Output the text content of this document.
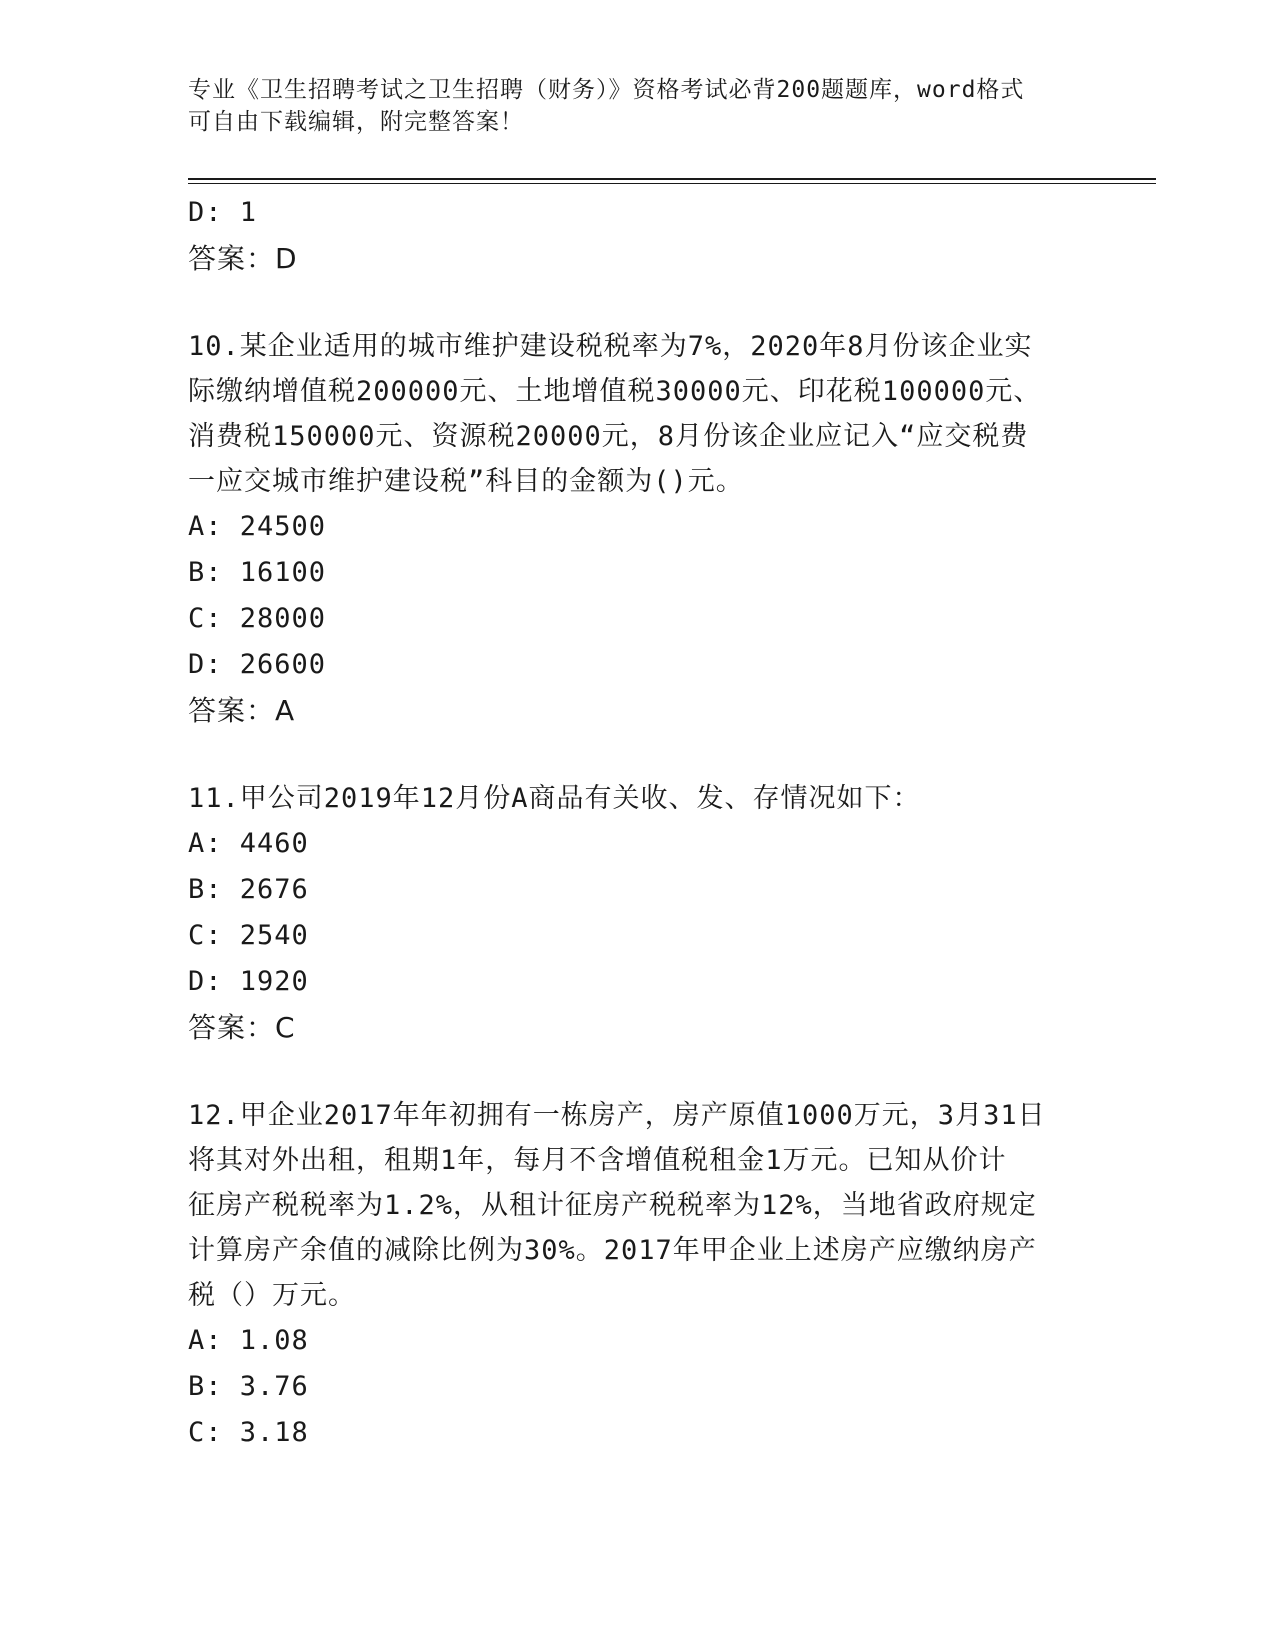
专业《卫生招聘考试之卫生招聘（财务）》资格考试必背200题题库，word格式
可自由下载编辑，附完整答案！
D: 1
答案：D
10.某企业适用的城市维护建设税税率为7%，2020年8月份该企业实
际缴纳增值税200000元、土地增值税30000元、印花税100000元、
消费税150000元、资源税20000元，8月份该企业应记入“应交税费
一应交城市维护建设税”科目的金额为()元。
A: 24500
B: 16100
C: 28000
D: 26600
答案：A
11.甲公司2019年12月份A商品有关收、发、存情况如下：
A: 4460
B: 2676
C: 2540
D: 1920
答案：C
12.甲企业2017年年初拥有一栋房产，房产原值1000万元，3月31日
将其对外出租，租期1年，每月不含增值税租金1万元。已知从价计
征房产税税率为1.2%，从租计征房产税税率为12%，当地省政府规定
计算房产余值的减除比例为30%。2017年甲企业上述房产应缴纳房产
税（）万元。
A: 1.08
B: 3.76
C: 3.18
